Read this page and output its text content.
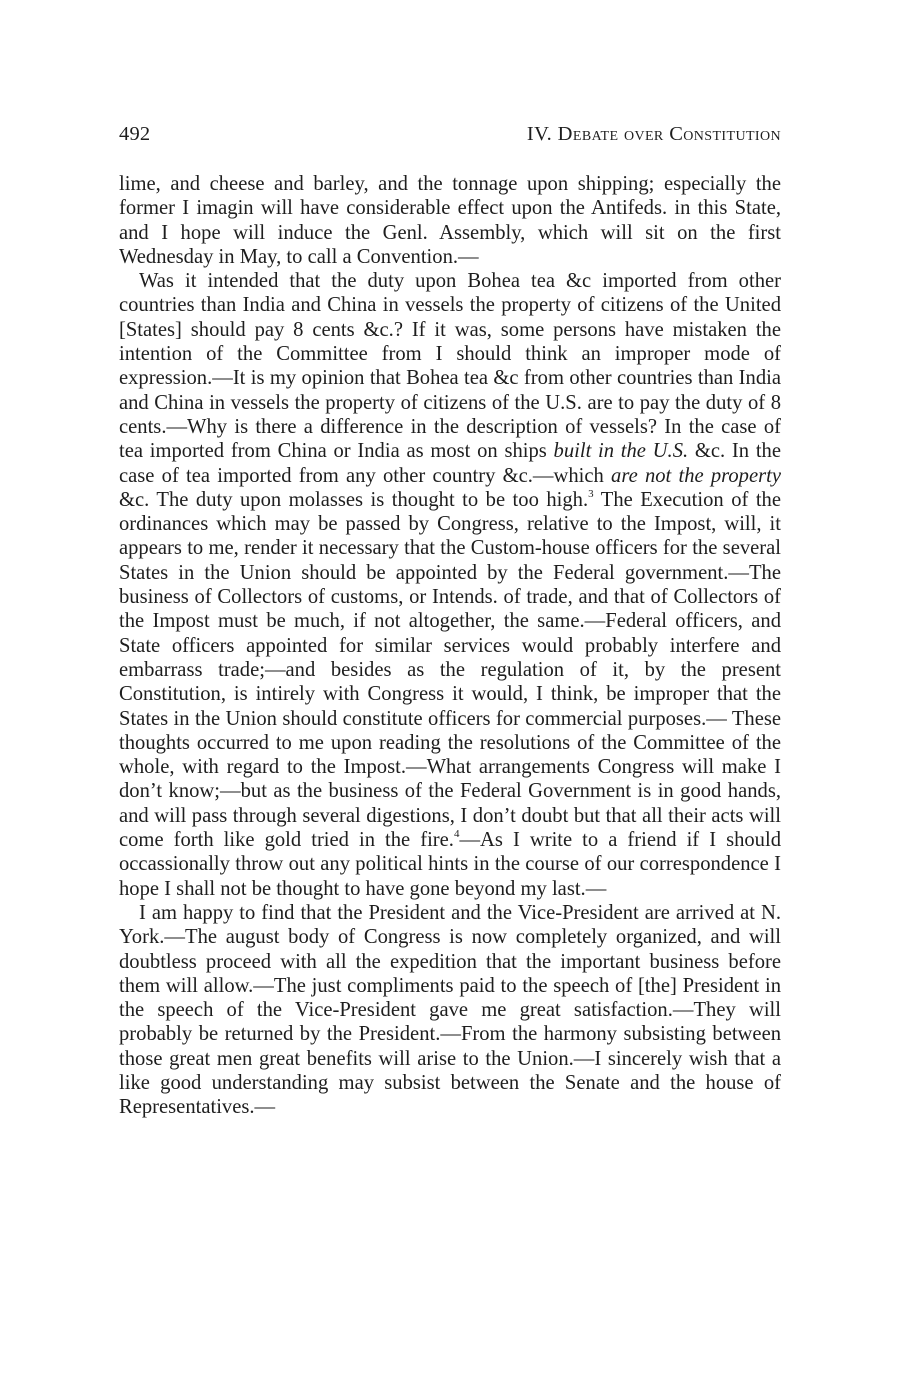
492	IV. Debate over Constitution

lime, and cheese and barley, and the tonnage upon shipping; especially the former I imagin will have considerable effect upon the Antifeds. in this State, and I hope will induce the Genl. Assembly, which will sit on the first Wednesday in May, to call a Convention.—

Was it intended that the duty upon Bohea tea &c imported from other countries than India and China in vessels the property of citizens of the United [States] should pay 8 cents &c.? If it was, some persons have mistaken the intention of the Committee from I should think an improper mode of expression.—It is my opinion that Bohea tea &c from other countries than India and China in vessels the property of citizens of the U.S. are to pay the duty of 8 cents.—Why is there a difference in the description of vessels? In the case of tea imported from China or India as most on ships built in the U.S. &c. In the case of tea imported from any other country &c.—which are not the property &c. The duty upon molasses is thought to be too high.$^3$ The Execution of the ordinances which may be passed by Congress, relative to the Impost, will, it appears to me, render it necessary that the Custom-house officers for the several States in the Union should be appointed by the Federal government.—The business of Collectors of customs, or Intends. of trade, and that of Collectors of the Impost must be much, if not altogether, the same.—Federal officers, and State officers appointed for similar services would probably interfere and embarrass trade;—and besides as the regulation of it, by the present Constitution, is intirely with Congress it would, I think, be improper that the States in the Union should constitute officers for commercial purposes.— These thoughts occurred to me upon reading the resolutions of the Committee of the whole, with regard to the Impost.—What arrangements Congress will make I don’t know;—but as the business of the Federal Government is in good hands, and will pass through several digestions, I don’t doubt but that all their acts will come forth like gold tried in the fire.$^4$—As I write to a friend if I should occassionally throw out any political hints in the course of our correspondence I hope I shall not be thought to have gone beyond my last.—

I am happy to find that the President and the Vice-President are arrived at N. York.—The august body of Congress is now completely organized, and will doubtless proceed with all the expedition that the important business before them will allow.—The just compliments paid to the speech of [the] President in the speech of the Vice-President gave me great satisfaction.—They will probably be returned by the President.—From the harmony subsisting between those great men great benefits will arise to the Union.—I sincerely wish that a like good understanding may subsist between the Senate and the house of Representatives.—
